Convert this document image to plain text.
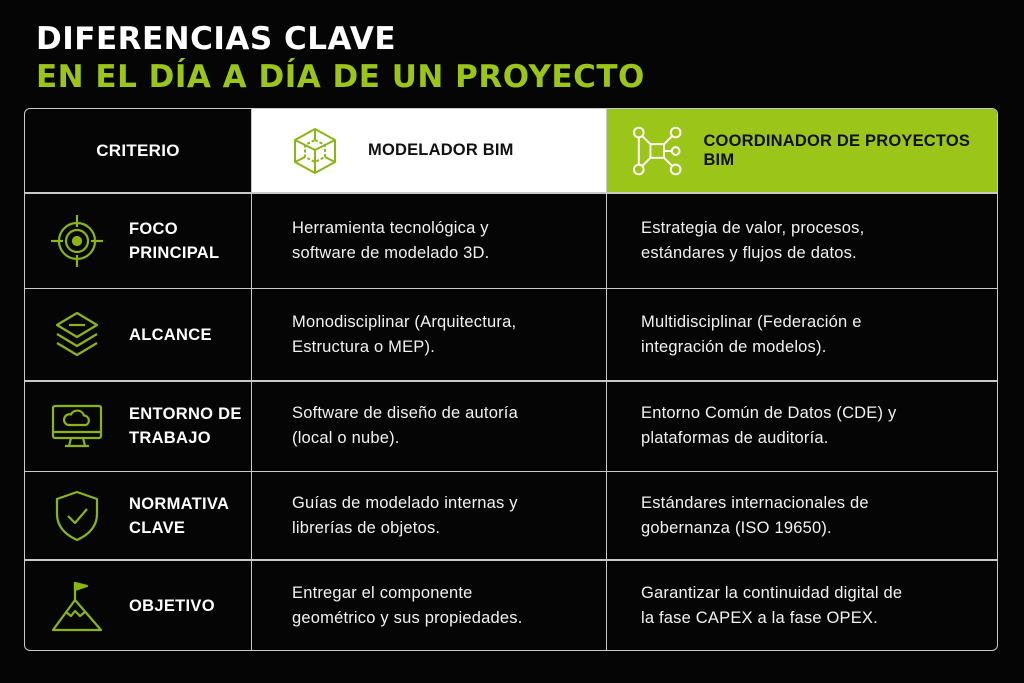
DIFERENCIAS CLAVE
EN EL DÍA A DÍA DE UN PROYECTO
CRITERIO	MODELADOR BIM
COORDINADOR DE PROYECTOS BIM
FOCO
PRINCIPAL
Herramienta tecnológica y
software de modelado 3D.
Estrategia de valor, procesos,
estándares y flujos de datos.
ALCANCE
Monodisciplinar (Arquitectura,
Estructura o MEP).
Multidisciplinar (Federación e
integración de modelos).
ENTORNO DE
TRABAJO
Software de diseño de autoría
(local o nube).
Entorno Común de Datos (CDE) y
plataformas de auditoría.
NORMATIVA
CLAVE
Guías de modelado internas y
librerías de objetos.
Estándares internacionales de
gobernanza (ISO 19650).
OBJETIVO
Entregar el componente
geométrico y sus propiedades.
Garantizar la continuidad digital de
la fase CAPEX a la fase OPEX.
